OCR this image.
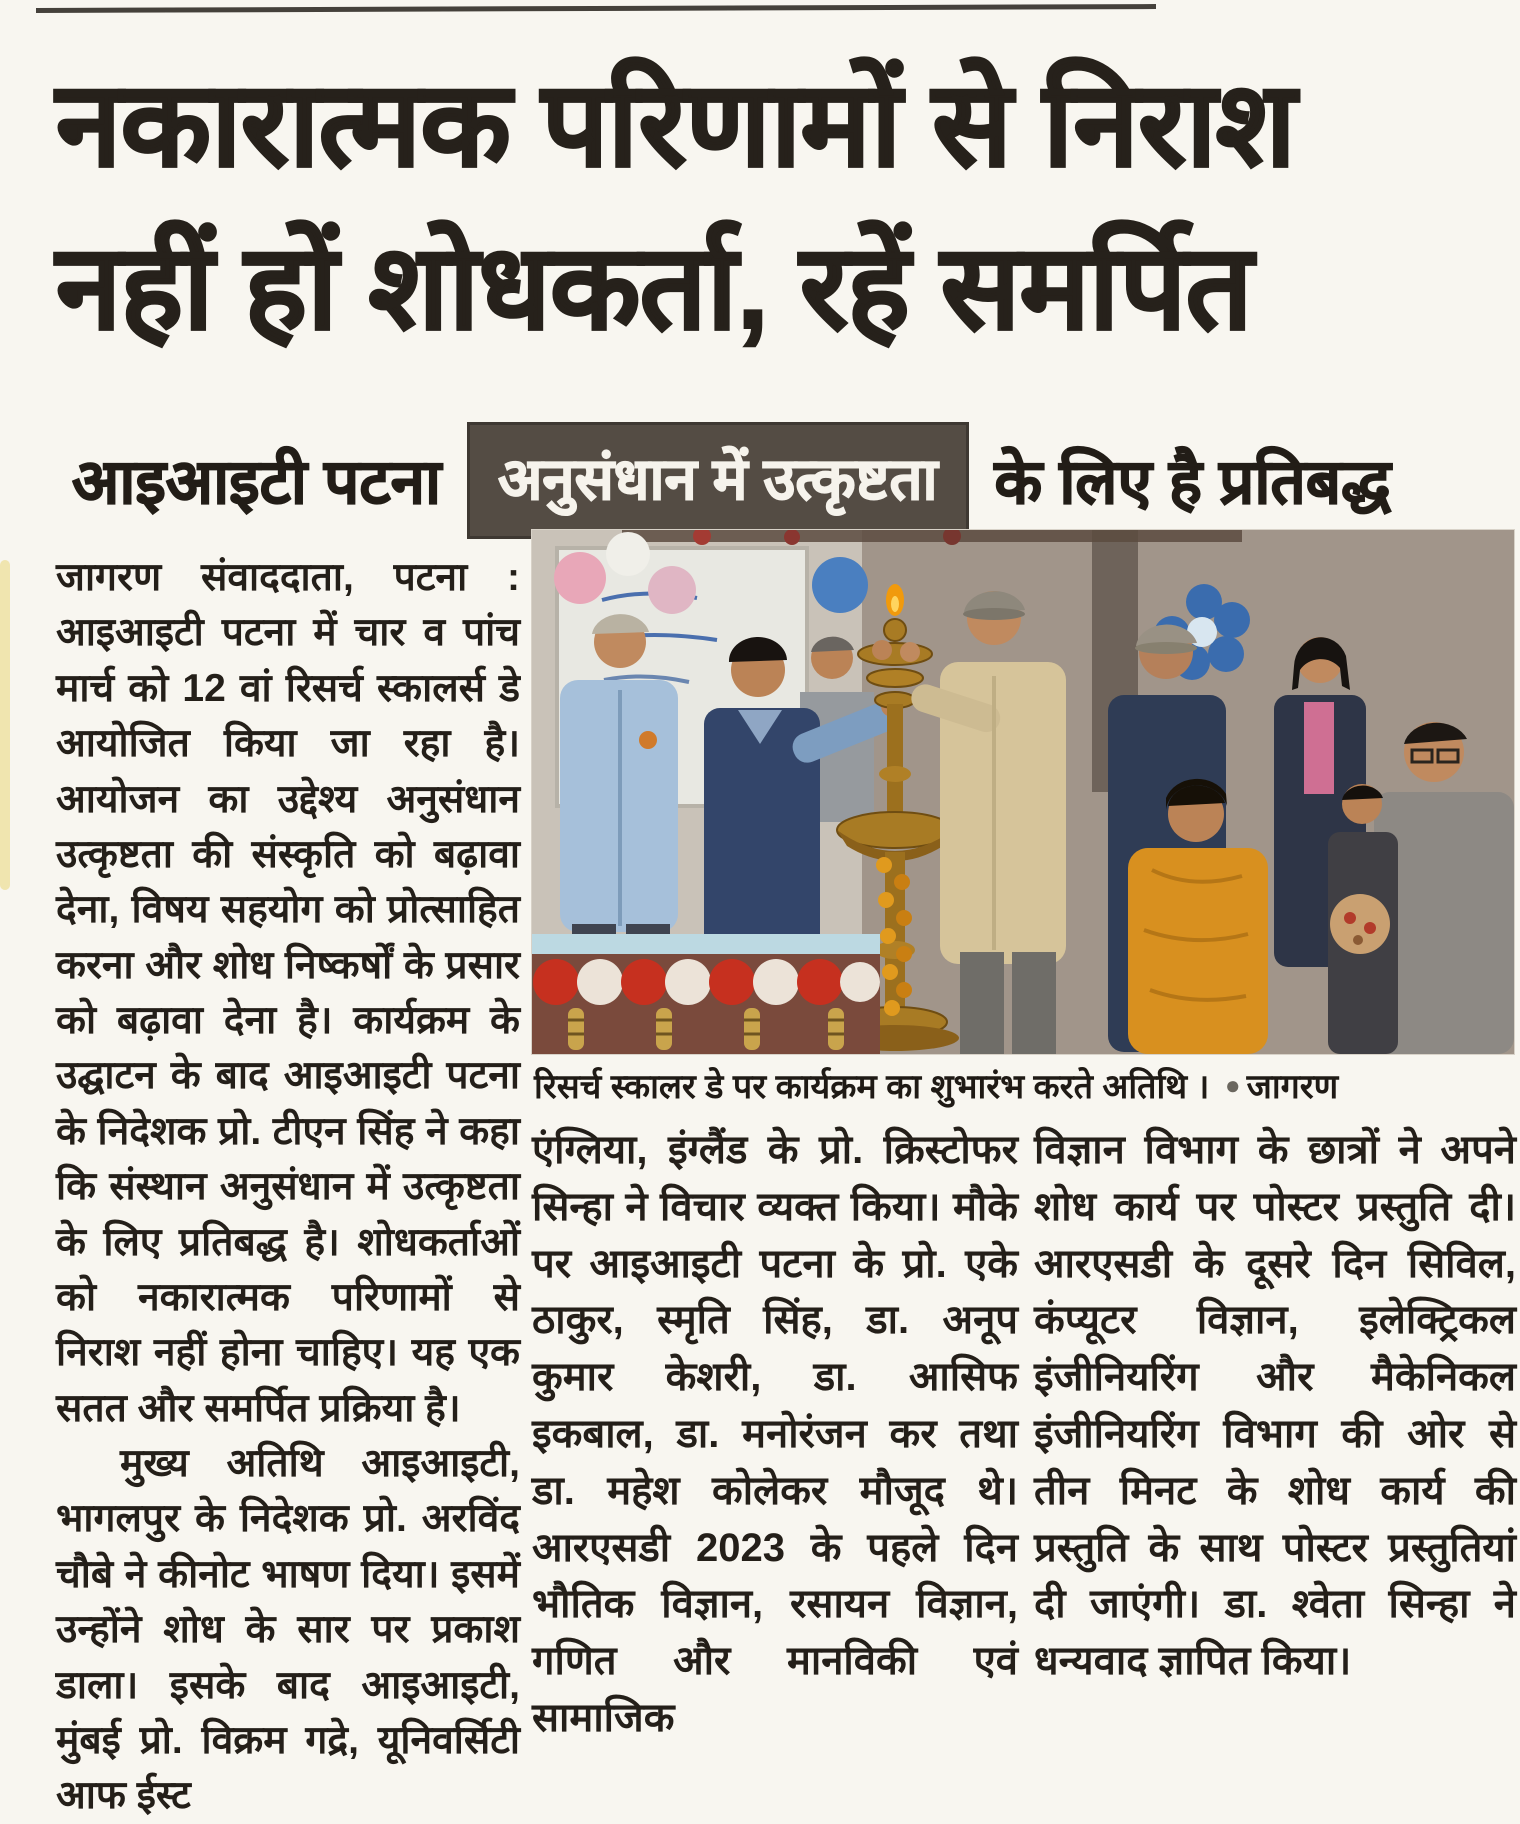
नकारात्मक परिणामों से निराश
नहीं हों शोधकर्ता, रहें समर्पित
आइआइटी पटना अनुसंधान में उत्कृष्टता के लिए है प्रतिबद्ध

जागरण संवाददाता, पटना : आइआइटी पटना में चार व पांच मार्च को 12 वां रिसर्च स्कालर्स डे आयोजित किया जा रहा है। आयोजन का उद्देश्य अनुसंधान उत्कृष्टता की संस्कृति को बढ़ावा देना, विषय सहयोग को प्रोत्साहित करना और शोध निष्कर्षों के प्रसार को बढ़ावा देना है। कार्यक्रम के उद्घाटन के बाद आइआइटी पटना के निदेशक प्रो. टीएन सिंह ने कहा कि संस्थान अनुसंधान में उत्कृष्टता के लिए प्रतिबद्ध है। शोधकर्ताओं को नकारात्मक परिणामों से निराश नहीं होना चाहिए। यह एक सतत और समर्पित प्रक्रिया है।

मुख्य अतिथि आइआइटी, भागलपुर के निदेशक प्रो. अरविंद चौबे ने कीनोट भाषण दिया। इसमें उन्होंने शोध के सार पर प्रकाश डाला। इसके बाद आइआइटी, मुंबई प्रो. विक्रम गद्रे, यूनिवर्सिटी आफ ईस्ट

रिसर्च स्कालर डे पर कार्यक्रम का शुभारंभ करते अतिथि । ● जागरण
एंग्लिया, इंग्लैंड के प्रो. क्रिस्टोफर सिन्हा ने विचार व्यक्त किया। मौके पर आइआइटी पटना के प्रो. एके ठाकुर, स्मृति सिंह, डा. अनूप कुमार केशरी, डा. आसिफ इकबाल, डा. मनोरंजन कर तथा डा. महेश कोलेकर मौजूद थे। आरएसडी 2023 के पहले दिन भौतिक विज्ञान, रसायन विज्ञान, गणित और मानविकी एवं सामाजिक
विज्ञान विभाग के छात्रों ने अपने शोध कार्य पर पोस्टर प्रस्तुति दी। आरएसडी के दूसरे दिन सिविल, कंप्यूटर विज्ञान, इलेक्ट्रिकल इंजीनियरिंग और मैकेनिकल इंजीनियरिंग विभाग की ओर से तीन मिनट के शोध कार्य की प्रस्तुति के साथ पोस्टर प्रस्तुतियां दी जाएंगी। डा. श्वेता सिन्हा ने धन्यवाद ज्ञापित किया।
